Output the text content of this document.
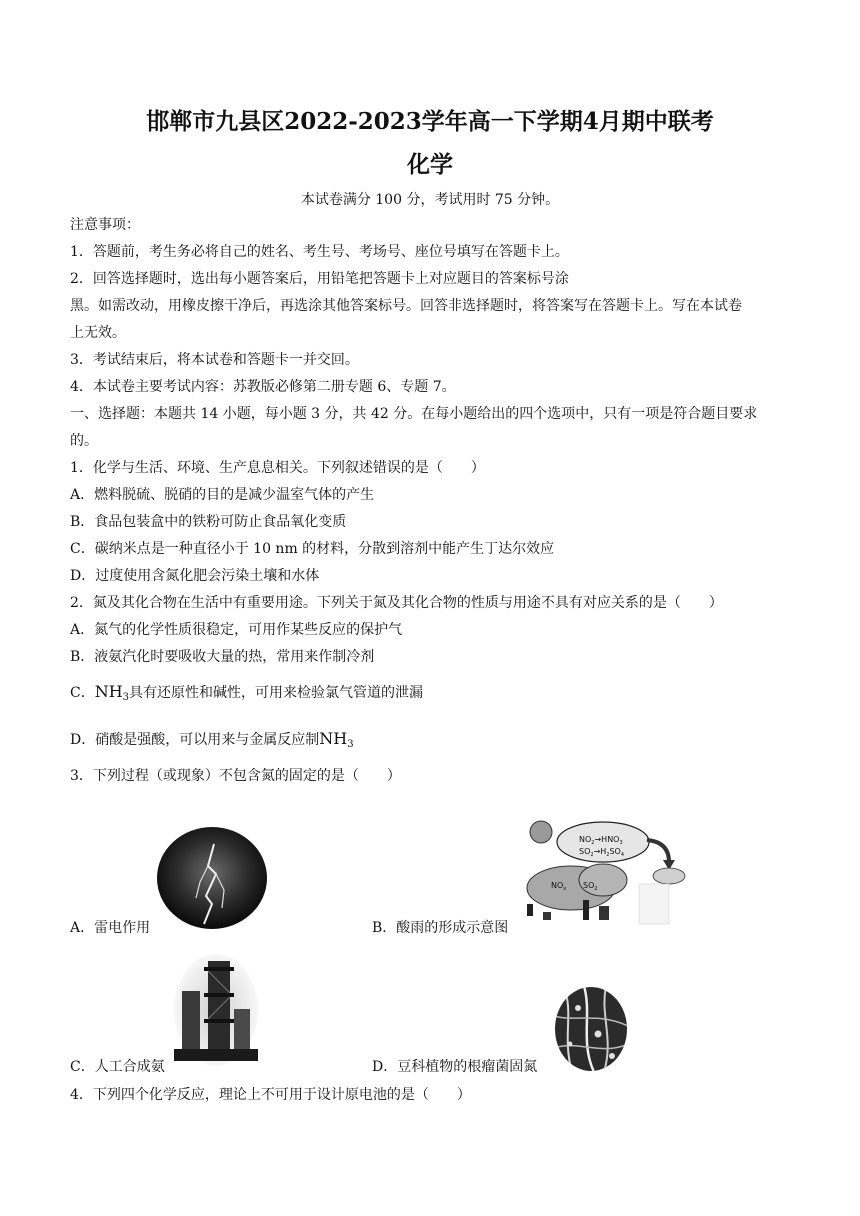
邯郸市九县区2022-2023学年高一下学期4月期中联考
化学
本试卷满分 100 分，考试用时 75 分钟。
注意事项：
1．答题前，考生务必将自己的姓名、考生号、考场号、座位号填写在答题卡上。
2．回答选择题时，选出每小题答案后，用铅笔把答题卡上对应题目的答案标号涂
黑。如需改动，用橡皮擦干净后，再选涂其他答案标号。回答非选择题时，将答案写在答题卡上。写在本试卷
上无效。
3．考试结束后，将本试卷和答题卡一并交回。
4．本试卷主要考试内容：苏教版必修第二册专题 6、专题 7。
一、选择题：本题共 14 小题，每小题 3 分，共 42 分。在每小题给出的四个选项中，只有一项是符合题目要求
的。
1．化学与生活、环境、生产息息相关。下列叙述错误的是（　　）
A．燃料脱硫、脱硝的目的是减少温室气体的产生
B．食品包装盒中的铁粉可防止食品氧化变质
C．碳纳米点是一种直径小于 10 nm 的材料，分散到溶剂中能产生丁达尔效应
D．过度使用含氮化肥会污染土壤和水体
2．氮及其化合物在生活中有重要用途。下列关于氮及其化合物的性质与用途不具有对应关系的是（　　）
A．氮气的化学性质很稳定，可用作某些反应的保护气
B．液氨汽化时要吸收大量的热，常用来作制冷剂
C．$NH_3$具有还原性和碱性，可用来检验氯气管道的泄漏
D．硝酸是强酸，可以用来与金属反应制$NH_3$
3．下列过程（或现象）不包含氮的固定的是（　　）
A．雷电作用
$NO_2\to HNO_3$
$SO_2\to H_2SO_4$
$NO_x$ $SO_2$
B．酸雨的形成示意图
C．人工合成氨	D．豆科植物的根瘤菌固氮
4．下列四个化学反应，理论上不可用于设计原电池的是（　　）
